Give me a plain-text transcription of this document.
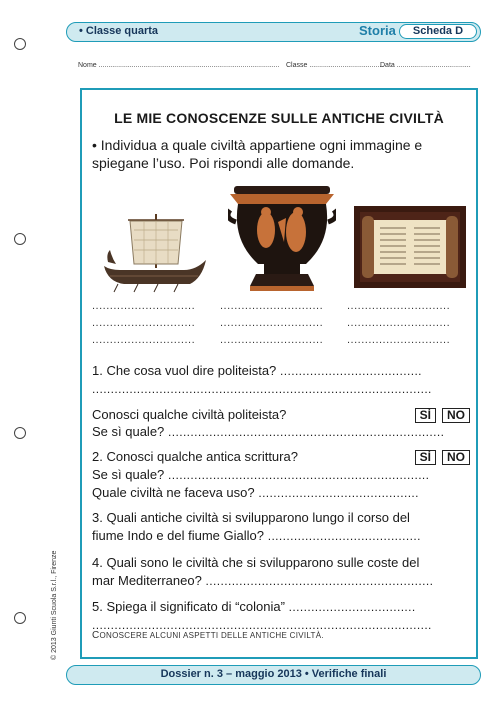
• Classe quarta	Storia	Scheda D
Nome ............................................................................................. Classe ......................................
Data ......................................
LE MIE CONOSCENZE SULLE ANTICHE CIVILTÀ
• Individua a quale civiltà appartiene ogni immagine e spiegane l’uso. Poi rispondi alle domande.
............................. ............................. .............................
............................. ............................. .............................
............................. ............................. .............................
1. Che cosa vuol dire politeista? ......................................
...........................................................................................
Conosci qualche civiltà politeista?	SÌ NO
Se sì quale? ..........................................................................
2. Conosci qualche antica scrittura?	SÌ NO
Se sì quale? ......................................................................
Quale civiltà ne faceva uso? ...........................................
3. Quali antiche civiltà si svilupparono lungo il corso del
fiume Indo e del fiume Giallo? .........................................
4. Quali sono le civiltà che si svilupparono sulle coste del
mar Mediterraneo? .............................................................
5. Spiega il significato di “colonia” ..................................
...........................................................................................
CONOSCERE ALCUNI ASPETTI DELLE ANTICHE CIVILTÀ.
© 2013 Giunti Scuola S.r.l., Firenze
Dossier n. 3 – maggio 2013 • Verifiche finali
